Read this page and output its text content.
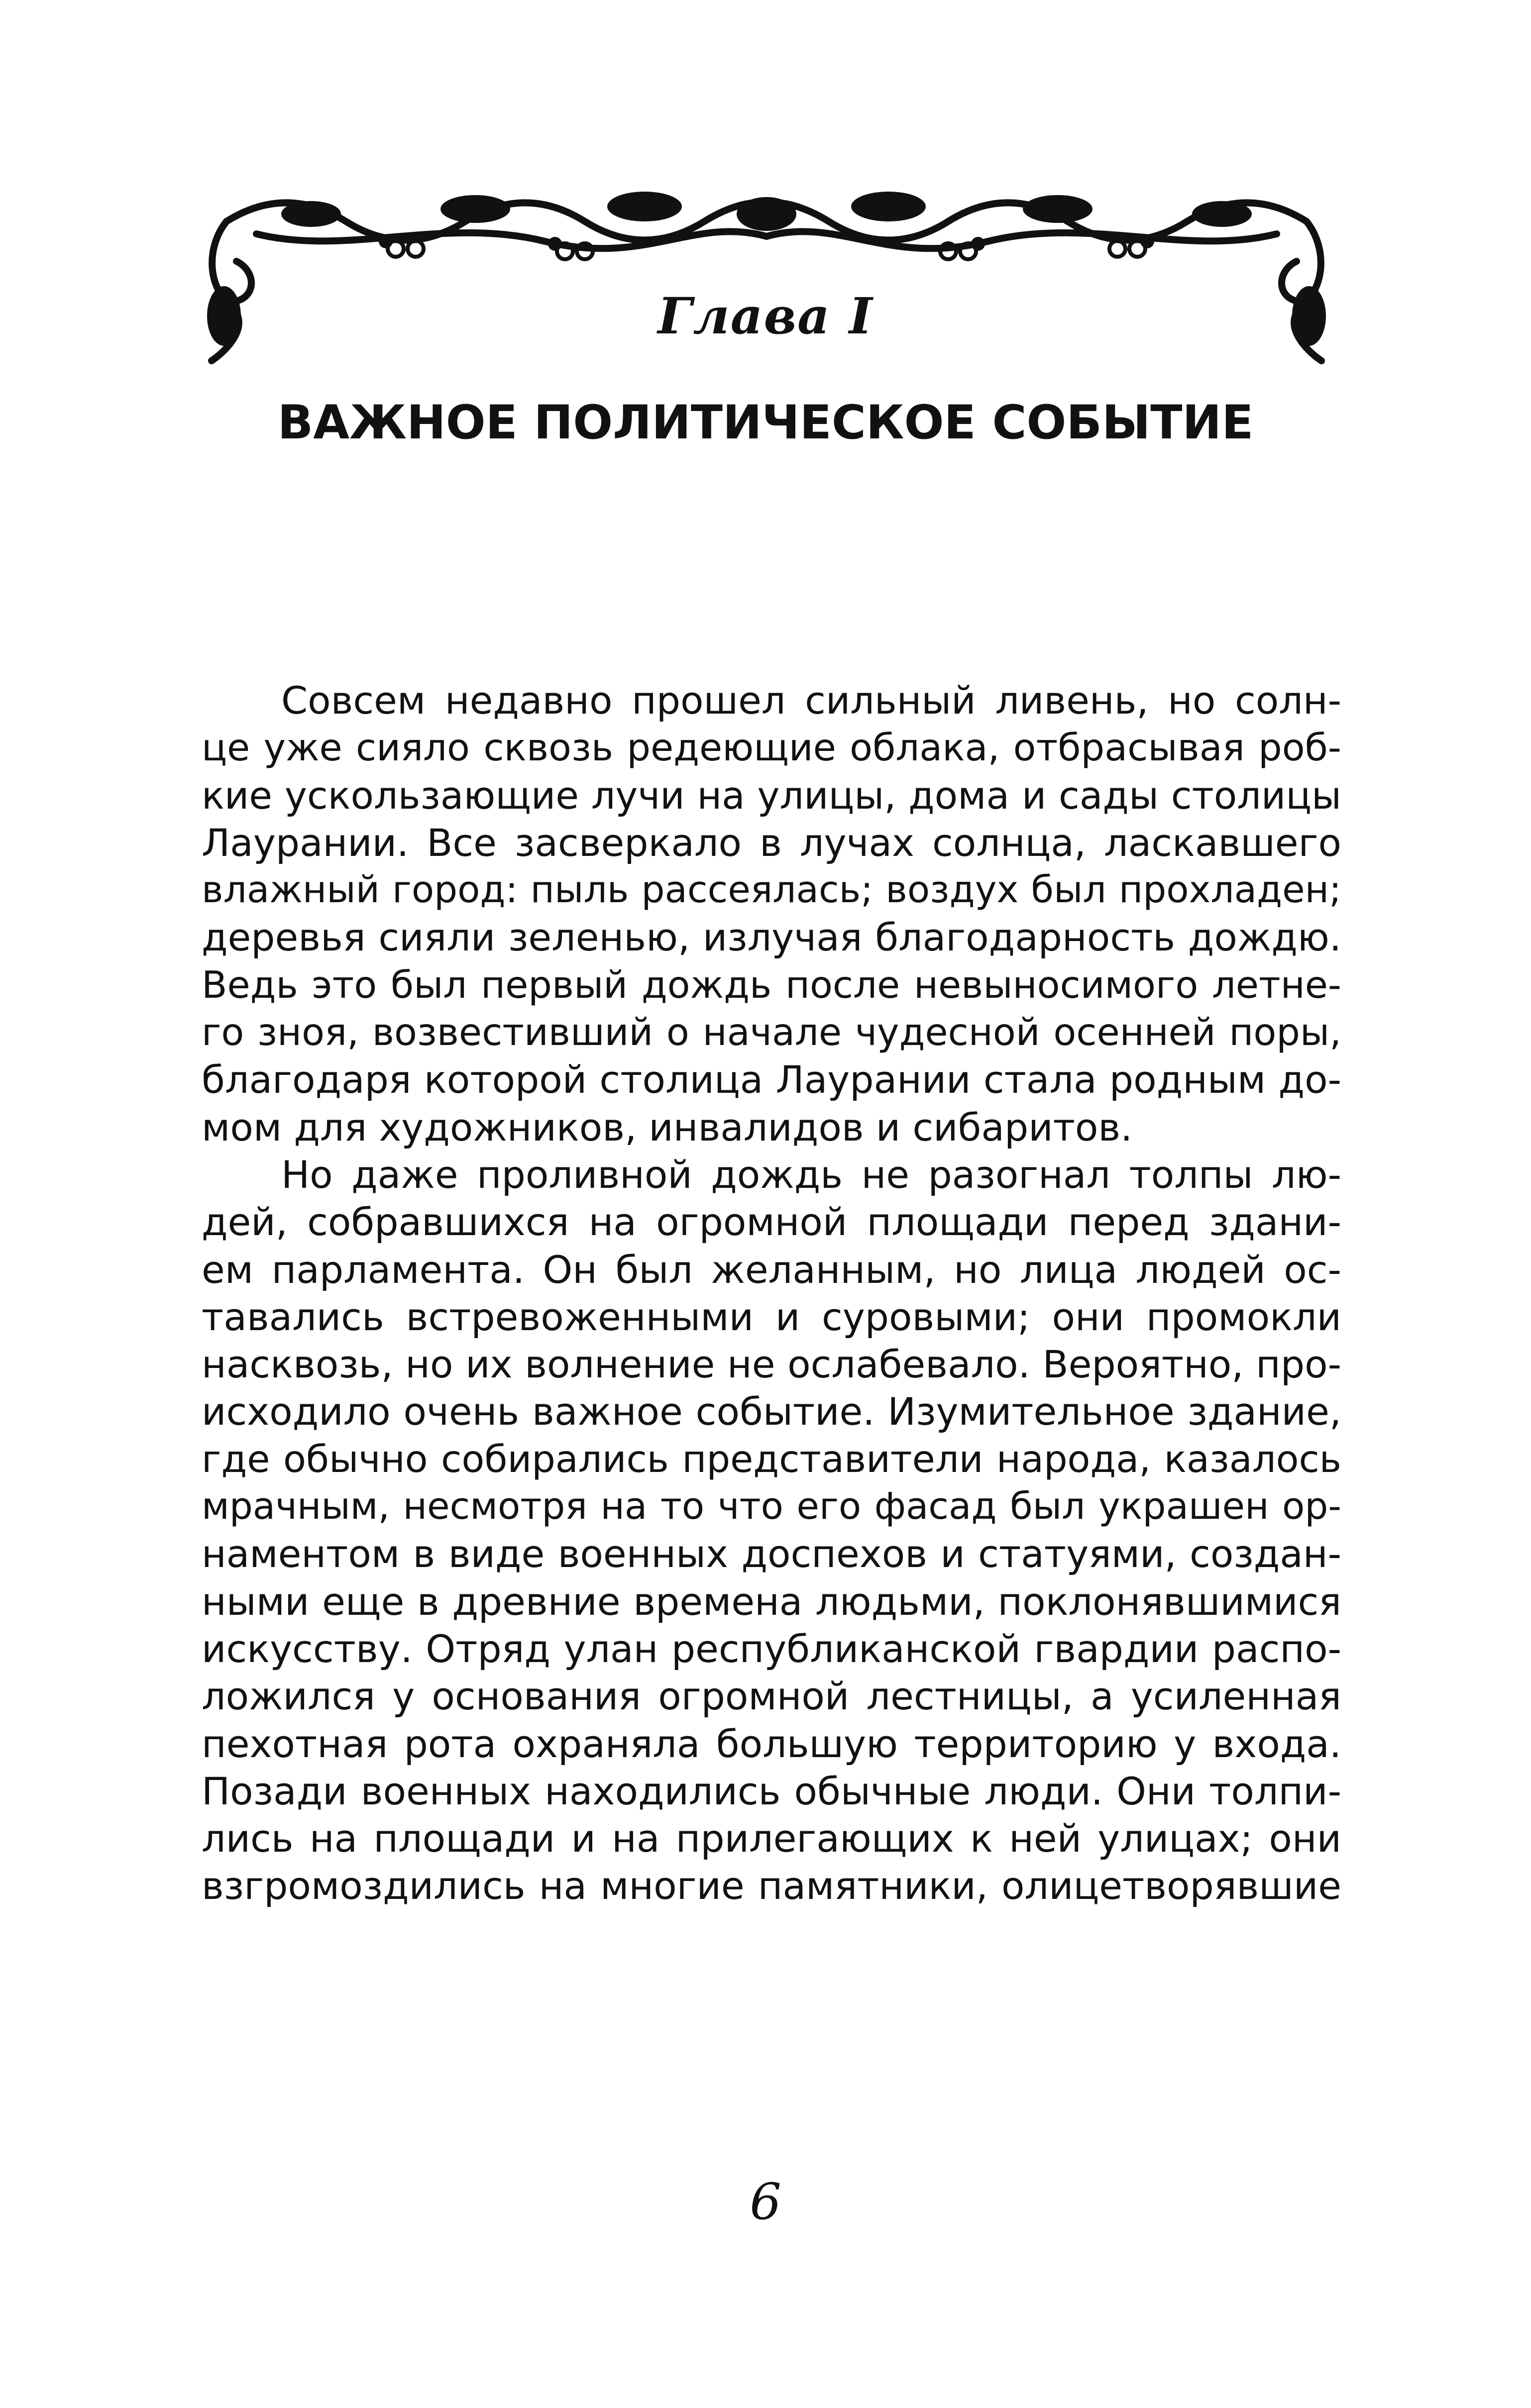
Глава I
ВАЖНОЕ ПОЛИТИЧЕСКОЕ СОБЫТИЕ
Совсем недавно прошел сильный ливень, но солн-
це уже сияло сквозь редеющие облака, отбрасывая роб-
кие ускользающие лучи на улицы, дома и сады столицы
Лаурании. Все засверкало в лучах солнца, ласкавшего
влажный город: пыль рассеялась; воздух был прохладен;
деревья сияли зеленью, излучая благодарность дождю.
Ведь это был первый дождь после невыносимого летне-
го зноя, возвестивший о начале чудесной осенней поры,
благодаря которой столица Лаурании стала родным до-
мом для художников, инвалидов и сибаритов.
Но даже проливной дождь не разогнал толпы лю-
дей, собравшихся на огромной площади перед здани-
ем парламента. Он был желанным, но лица людей ос-
тавались встревоженными и суровыми; они промокли
насквозь, но их волнение не ослабевало. Вероятно, про-
исходило очень важное событие. Изумительное здание,
где обычно собирались представители народа, казалось
мрачным, несмотря на то что его фасад был украшен ор-
наментом в виде военных доспехов и статуями, создан-
ными еще в древние времена людьми, поклонявшимися
искусству. Отряд улан республиканской гвардии распо-
ложился у основания огромной лестницы, а усиленная
пехотная рота охраняла большую территорию у входа.
Позади военных находились обычные люди. Они толпи-
лись на площади и на прилегающих к ней улицах; они
взгромоздились на многие памятники, олицетворявшие
6
